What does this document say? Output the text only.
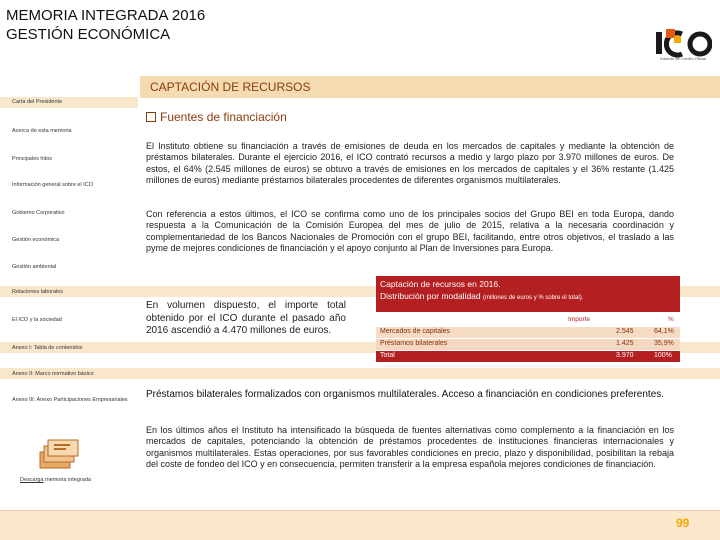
MEMORIA INTEGRADA 2016
GESTIÓN ECONÓMICA
Instituto de Crédito Oficial
CAPTACIÓN DE RECURSOS
Carta del Presidente
Acerca de esta memoria
Principales hitos
Información general sobre el ICO
Gobierno Corporativo
Gestión económica
Gestión ambiental
Relaciones laborales
El ICO y la sociedad
Anexo I: Tabla de contenidos
Anexo II: Marco normativo básico
Anexo III: Anexo Participaciones Empresariales
Descarga memoria integrada
Fuentes de financiación
El Instituto obtiene su financiación a través de emisiones de deuda en los mercados de capitales y mediante la obtención de préstamos bilaterales. Durante el ejercicio 2016, el ICO contrató recursos a medio y largo plazo por 3.970 millones de euros. De estos, el 64% (2.545 millones de euros) se obtuvo a través de emisiones en los mercados de capitales y el 36% restante (1.425 millones de euros) mediante préstamos bilaterales procedentes de diferentes organismos multilaterales.
Con referencia a estos últimos, el ICO se confirma como uno de los principales socios del Grupo BEI en toda Europa, dando respuesta a la Comunicación de la Comisión Europea del mes de julio de 2015, relativa a la necesaria coordinación y complementariedad de los Bancos Nacionales de Promoción con el grupo BEI, facilitando, entre otros objetivos, el traslado a las pyme de mejores condiciones de financiación y el apoyo conjunto al Plan de Inversiones para Europa.
En volumen dispuesto, el importe total obtenido por el ICO durante el pasado año 2016 ascendió a 4.470 millones de euros.
Captación de recursos en 2016.
Distribución por modalidad (millones de euros y % sobre el total).
Importe	%
Mercados de capitales	2.545	64,1%
Préstamos bilaterales	1.425	35,9%
Total	3.970	100%
Préstamos bilaterales formalizados con organismos multilaterales. Acceso a financiación en condiciones preferentes.
En los últimos años el Instituto ha intensificado la búsqueda de fuentes alternativas como complemento a la financiación en los mercados de capitales, potenciando la obtención de préstamos procedentes de instituciones financieras internacionales y organismos multilaterales. Estas operaciones, por sus favorables condiciones en precio, plazo y disponibilidad, posibilitan la rebaja del coste de fondeo del ICO y en consecuencia, permiten transferir a la empresa española mejores condiciones de financiación.
99
